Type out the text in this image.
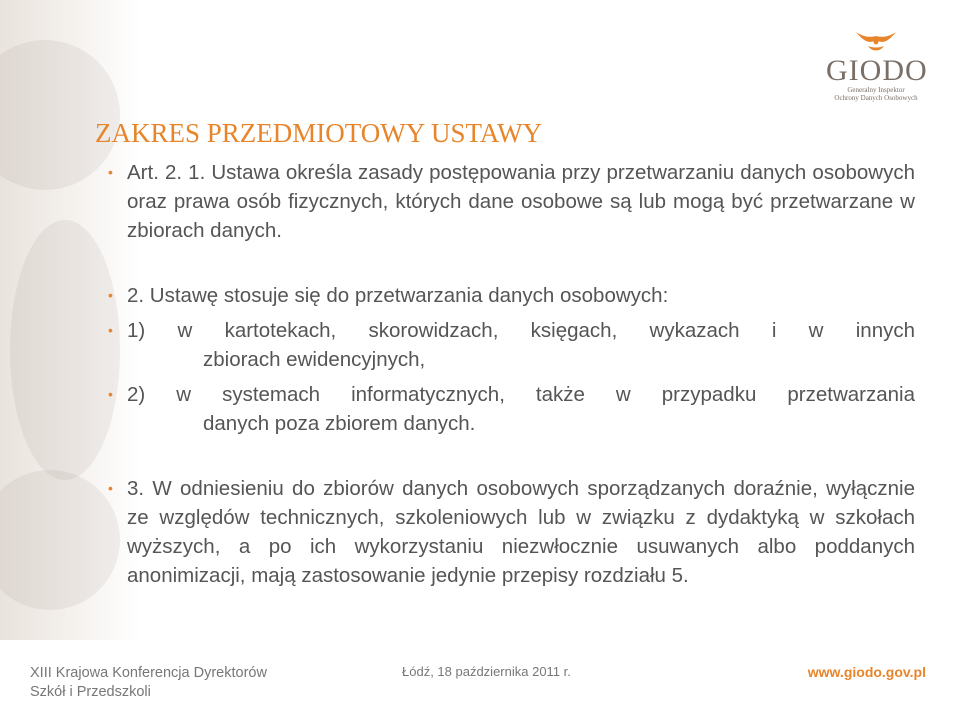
GIODO
Generalny Inspektor
Ochrony Danych Osobowych
ZAKRES PRZEDMIOTOWY USTAWY
• Art. 2. 1. Ustawa określa zasady postępowania przy przetwarzaniu danych osobowych oraz prawa osób fizycznych, których dane osobowe są lub mogą być przetwarzane w zbiorach danych.
• 2. Ustawę stosuje się do przetwarzania danych osobowych:
• 1) w kartotekach, skorowidzach, księgach, wykazach i w innych
zbiorach ewidencyjnych,
• 2) w systemach informatycznych, także w przypadku przetwarzania
danych poza zbiorem danych.
• 3. W odniesieniu do zbiorów danych osobowych sporządzanych doraźnie, wyłącznie ze względów technicznych, szkoleniowych lub w związku z dydaktyką w szkołach wyższych, a po ich wykorzystaniu niezwłocznie usuwanych albo poddanych anonimizacji, mają zastosowanie jedynie przepisy rozdziału 5.
XIII Krajowa Konferencja Dyrektorów
Szkół i Przedszkoli
Łódź, 18 października 2011 r.	www.giodo.gov.pl
